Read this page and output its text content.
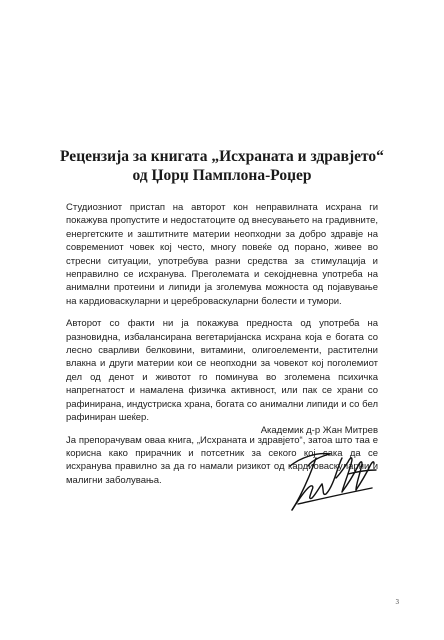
Рецензија за книгата „Исхраната и здравјето“
од Џорџ Памплона-Роџер

Студиозниот пристап на авторот кон неправилната исхрана ги покажува пропустите и недостатоците од внесувањето на градивните, енергетските и заштитните материи неопходни за добро здравје на современиот човек кој често, многу повеќе од порано, живее во стресни ситуации, употребува разни средства за стимулација и неправилно се исхранува. Преголемата и секојдневна употреба на анимални протеини и липиди ја зголемува можноста од појавување на кардиоваскуларни и цереброваскуларни болести и тумори.

Авторот со факти ни ја покажува предноста од употреба на разновидна, избалансирана вегетаријанска исхрана која е богата со лесно сварливи белковини, витамини, олигоелементи, растителни влакна и други материи кои се неопходни за човекот кој поголемиот дел од денот и животот го поминува во зголемена психичка напрегнатост и намалена физичка активност, или пак се храни со рафинирана, индустриска храна, богата со анимални липиди и со бел рафиниран шеќер.

Ја препорачувам оваа книга, „Исхраната и здравјето“, затоа што таа е корисна како прирачник и потсетник за секого кој сака да се исхранува правилно за да го намали ризикот од кардиоваскуларни и малигни заболувања.

Академик д-р Жан Митрев
3
